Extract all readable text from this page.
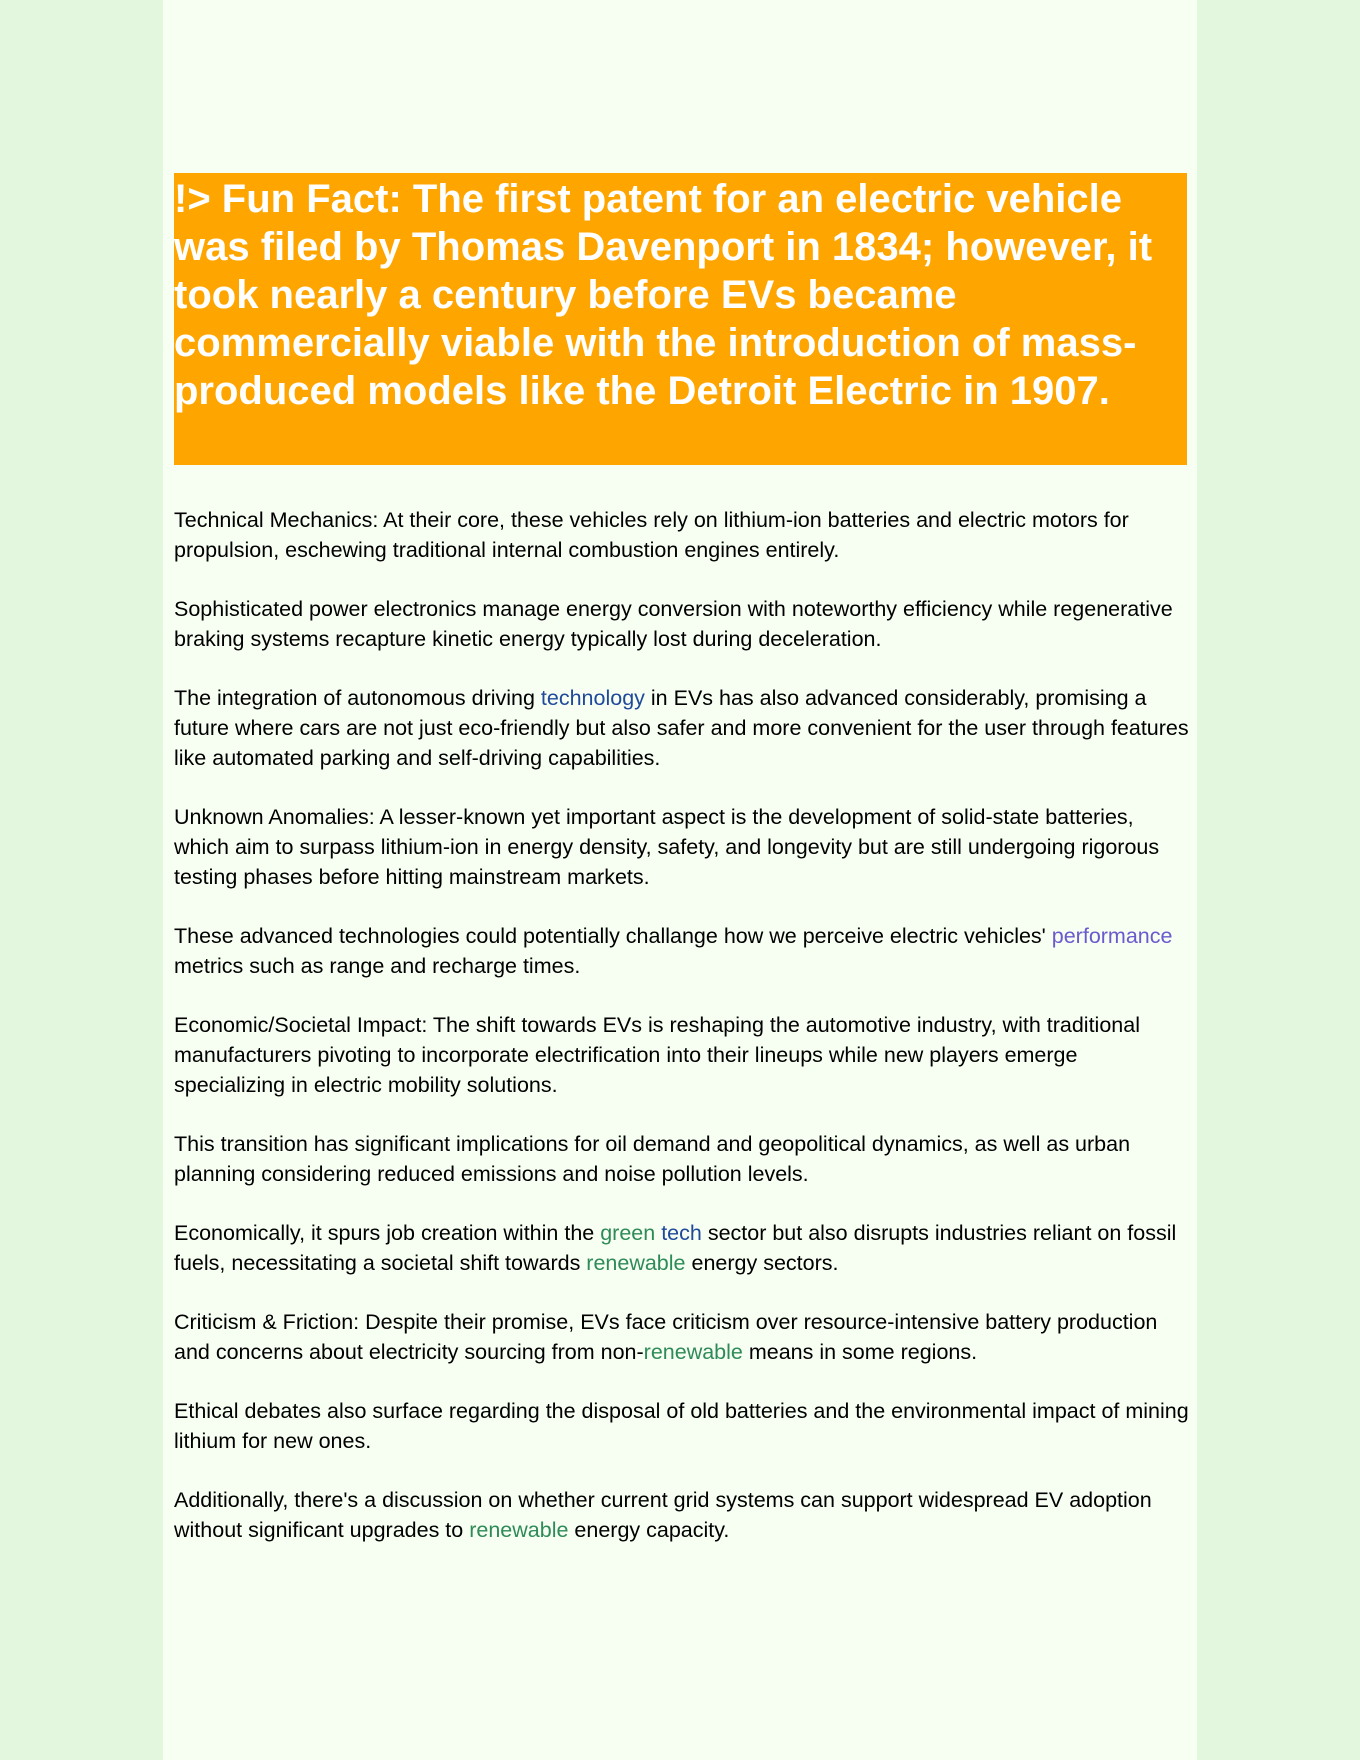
!> Fun Fact: The first patent for an electric vehicle was filed by Thomas Davenport in 1834; however, it took nearly a century before EVs became commercially viable with the introduction of mass-produced models like the Detroit Electric in 1907.

Technical Mechanics: At their core, these vehicles rely on lithium-ion batteries and electric motors for propulsion, eschewing traditional internal combustion engines entirely.

Sophisticated power electronics manage energy conversion with noteworthy efficiency while regenerative braking systems recapture kinetic energy typically lost during deceleration.

The integration of autonomous driving technology in EVs has also advanced considerably, promising a future where cars are not just eco-friendly but also safer and more convenient for the user through features like automated parking and self-driving capabilities.

Unknown Anomalies: A lesser-known yet important aspect is the development of solid-state batteries, which aim to surpass lithium-ion in energy density, safety, and longevity but are still undergoing rigorous testing phases before hitting mainstream markets.

These advanced technologies could potentially challange how we perceive electric vehicles' performance metrics such as range and recharge times.

Economic/Societal Impact: The shift towards EVs is reshaping the automotive industry, with traditional manufacturers pivoting to incorporate electrification into their lineups while new players emerge specializing in electric mobility solutions.

This transition has significant implications for oil demand and geopolitical dynamics, as well as urban planning considering reduced emissions and noise pollution levels.

Economically, it spurs job creation within the green tech sector but also disrupts industries reliant on fossil fuels, necessitating a societal shift towards renewable energy sectors.

Criticism & Friction: Despite their promise, EVs face criticism over resource-intensive battery production and concerns about electricity sourcing from non-renewable means in some regions.

Ethical debates also surface regarding the disposal of old batteries and the environmental impact of mining lithium for new ones.

Additionally, there's a discussion on whether current grid systems can support widespread EV adoption without significant upgrades to renewable energy capacity.
